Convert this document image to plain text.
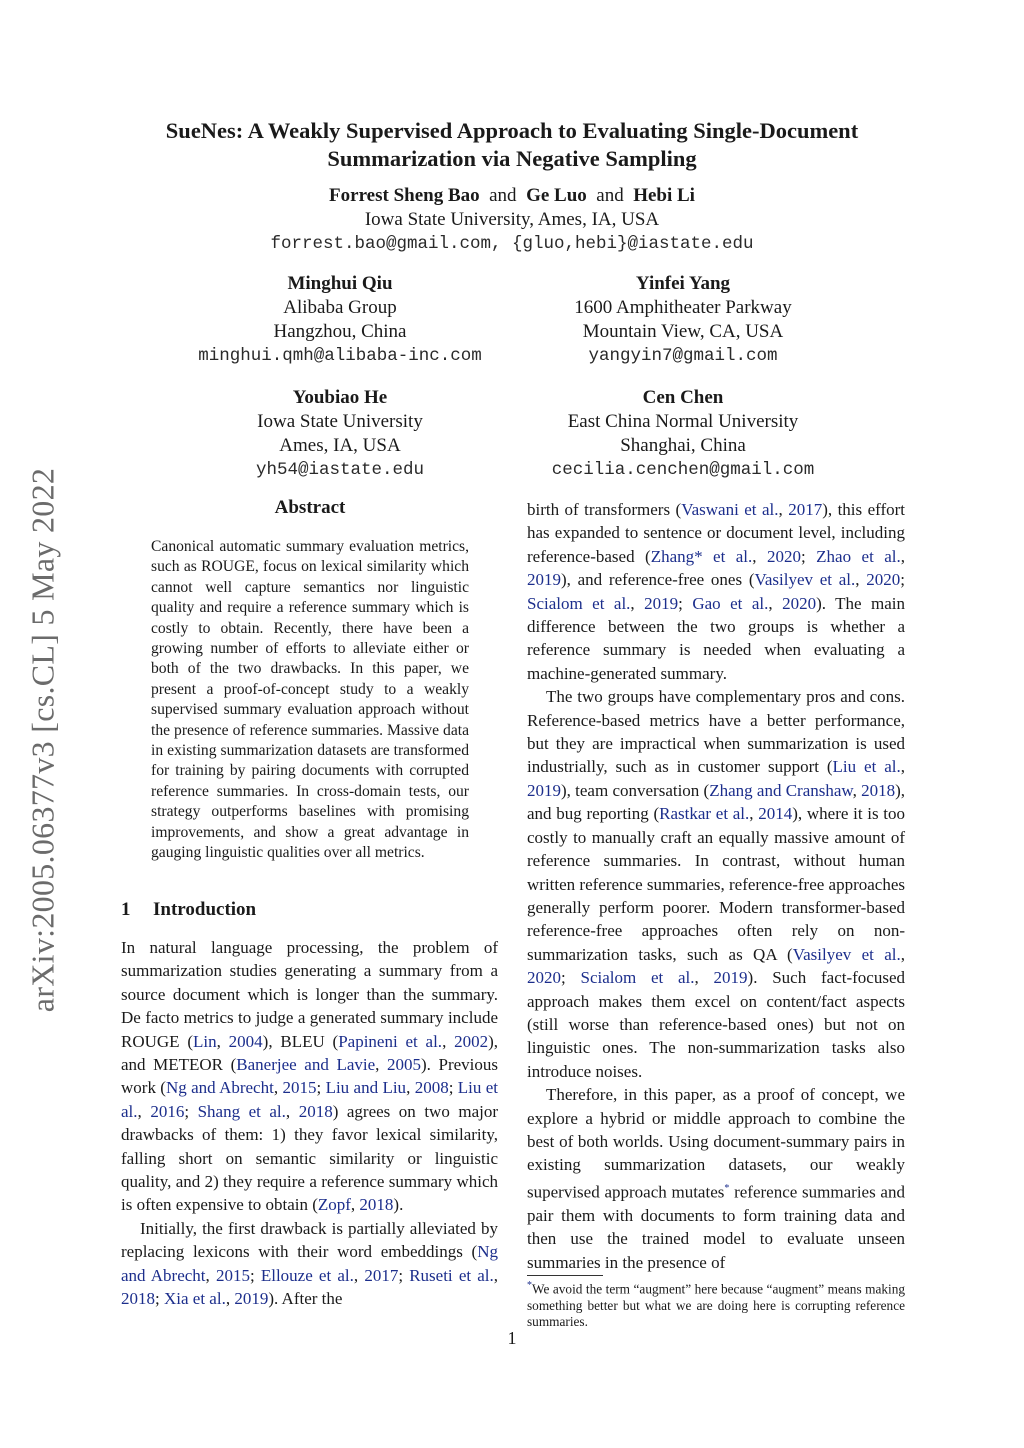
arXiv:2005.06377v3 [cs.CL] 5 May 2022
SueNes: A Weakly Supervised Approach to Evaluating Single-Document
Summarization via Negative Sampling
Forrest Sheng Bao and Ge Luo and Hebi Li
Iowa State University, Ames, IA, USA
forrest.bao@gmail.com, {gluo,hebi}@iastate.edu
Minghui Qiu
Alibaba Group
Hangzhou, China
minghui.qmh@alibaba-inc.com
Yinfei Yang
1600 Amphitheater Parkway
Mountain View, CA, USA
yangyin7@gmail.com
Youbiao He
Iowa State University
Ames, IA, USA
yh54@iastate.edu
Cen Chen
East China Normal University
Shanghai, China
cecilia.cenchen@gmail.com
Abstract
Canonical automatic summary evaluation metrics, such as ROUGE, focus on lexical similarity which cannot well capture semantics nor linguistic quality and require a reference summary which is costly to obtain. Recently, there have been a growing number of efforts to alleviate either or both of the two drawbacks. In this paper, we present a proof-of-concept study to a weakly supervised summary evaluation approach without the presence of reference summaries. Massive data in existing summarization datasets are transformed for training by pairing documents with corrupted reference summaries. In cross-domain tests, our strategy outperforms baselines with promising improvements, and show a great advantage in gauging linguistic qualities over all metrics.
1 Introduction

In natural language processing, the problem of summarization studies generating a summary from a source document which is longer than the summary. De facto metrics to judge a generated summary include ROUGE (Lin, 2004), BLEU (Papineni et al., 2002), and METEOR (Banerjee and Lavie, 2005). Previous work (Ng and Abrecht, 2015; Liu and Liu, 2008; Liu et al., 2016; Shang et al., 2018) agrees on two major drawbacks of them: 1) they favor lexical similarity, falling short on semantic similarity or linguistic quality, and 2) they require a reference summary which is often expensive to obtain (Zopf, 2018).

Initially, the first drawback is partially alleviated by replacing lexicons with their word embeddings (Ng and Abrecht, 2015; Ellouze et al., 2017; Ruseti et al., 2018; Xia et al., 2019). After the

birth of transformers (Vaswani et al., 2017), this effort has expanded to sentence or document level, including reference-based (Zhang* et al., 2020; Zhao et al., 2019), and reference-free ones (Vasilyev et al., 2020; Scialom et al., 2019; Gao et al., 2020). The main difference between the two groups is whether a reference summary is needed when evaluating a machine-generated summary.

The two groups have complementary pros and cons. Reference-based metrics have a better performance, but they are impractical when summarization is used industrially, such as in customer support (Liu et al., 2019), team conversation (Zhang and Cranshaw, 2018), and bug reporting (Rastkar et al., 2014), where it is too costly to manually craft an equally massive amount of reference summaries. In contrast, without human written reference summaries, reference-free approaches generally perform poorer. Modern transformer-based reference-free approaches often rely on non-summarization tasks, such as QA (Vasilyev et al., 2020; Scialom et al., 2019). Such fact-focused approach makes them excel on content/fact aspects (still worse than reference-based ones) but not on linguistic ones. The non-summarization tasks also introduce noises.

Therefore, in this paper, as a proof of concept, we explore a hybrid or middle approach to combine the best of both worlds. Using document-summary pairs in existing summarization datasets, our weakly supervised approach mutates* reference summaries and pair them with documents to form training data and then use the trained model to evaluate unseen summaries in the presence of

*We avoid the term “augment” here because “augment” means making something better but what we are doing here is corrupting reference summaries.
1
